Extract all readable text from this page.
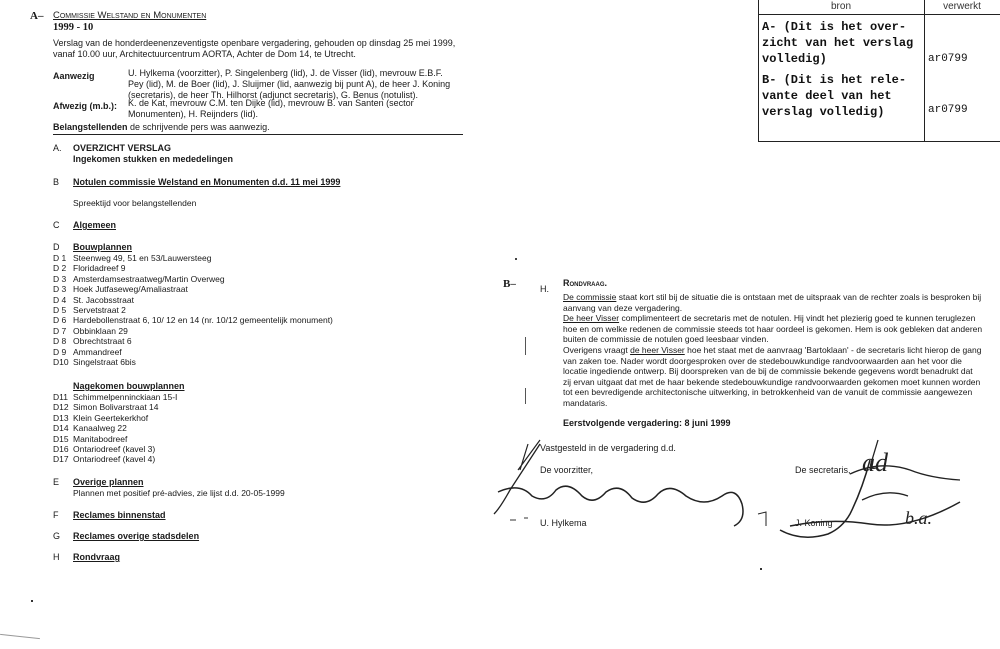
A– Commissie Welstand en Monumenten
1999 - 10
Verslag van de honderdeenenzeventigste openbare vergadering, gehouden op dinsdag 25 mei 1999,
vanaf 10.00 uur, Architectuurcentrum AORTA, Achter de Dom 14, te Utrecht.
Aanwezig	U. Hylkema (voorzitter), P. Singelenberg (lid), J. de Visser (lid), mevrouw E.B.F.
Pey (lid), M. de Boer (lid), J. Sluijmer (lid, aanwezig bij punt A), de heer J. Koning
(secretaris), de heer Th. Hilhorst (adjunct secretaris), G. Benus (notulist).
Afwezig (m.b.): K. de Kat, mevrouw C.M. ten Dijke (lid), mevrouw B. van Santen (sector
Monumenten), H. Reijnders (lid).
Belangstellenden de schrijvende pers was aanwezig.
A.	OVERZICHT VERSLAG
Ingekomen stukken en mededelingen
B	Notulen commissie Welstand en Monumenten d.d. 11 mei 1999
Spreektijd voor belangstellenden
C	Algemeen
D	Bouwplannen
D 1 Steenweg 49, 51 en 53/Lauwersteeg
D 2 Floridadreef 9
D 3 Amsterdamsestraatweg/Martin Overweg
D 3 Hoek Jutfaseweg/Amaliastraat
D 4 St. Jacobsstraat
D 5 Servetstraat 2
D 6 Hardebollenstraat 6, 10/ 12 en 14 (nr. 10/12 gemeentelijk monument)
D 7 Obbinklaan 29
D 8 Obrechtstraat 6
D 9 Ammandreef
D10 Singelstraat 6bis
Nagekomen bouwplannen
D11 Schimmelpenninckiaan 15-I
D12 Simon Bolivarstraat 14
D13 Klein Geertekerkhof
D14 Kanaalweg 22
D15 Manitabodreef
D16 Ontariodreef (kavel 3)
D17 Ontariodreef (kavel 4)
E	Overige plannen
Plannen met positief pré-advies, zie lijst d.d. 20-05-1999
F	Reclames binnenstad
G	Reclames overige stadsdelen
H	Rondvraag
bron	verwerkt
A- (Dit is het over-
zicht van het verslag
volledig)	ar0799
B- (Dit is het rele-
vante deel van het
verslag volledig)	ar0799
B–	H.
Rondvraag.

De commissie staat kort stil bij de situatie die is ontstaan met de uitspraak van de rechter zoals is besproken bij aanvang van deze vergadering.

De heer Visser complimenteert de secretaris met de notulen. Hij vindt het plezierig goed te kunnen teruglezen hoe en om welke redenen de commissie steeds tot haar oordeel is gekomen. Hem is ook gebleken dat anderen buiten de commissie de notulen goed leesbaar vinden.

Overigens vraagt de heer Visser hoe het staat met de aanvraag 'Bartoklaan' - de secretaris licht hierop de gang van zaken toe. Nader wordt doorgesproken over de stedebouwkundige randvoorwaarden aan het voor die locatie ingediende ontwerp. Bij doorspreken van de bij de commissie bekende gegevens wordt benadrukt dat zij ervan uitgaat dat met de haar bekende stedebouwkundige randvoorwaarden gekomen moet kunnen worden tot een bevredigende architectonische uitwerking, in betrokkenheid van de vanuit de commissie aangewezen mandataris.

Eerstvolgende vergadering: 8 juni 1999
Vastgesteld in de vergadering d.d.
De voorzitter,
U. Hylkema
De secretaris,
J. Koning
ad
b.a.
